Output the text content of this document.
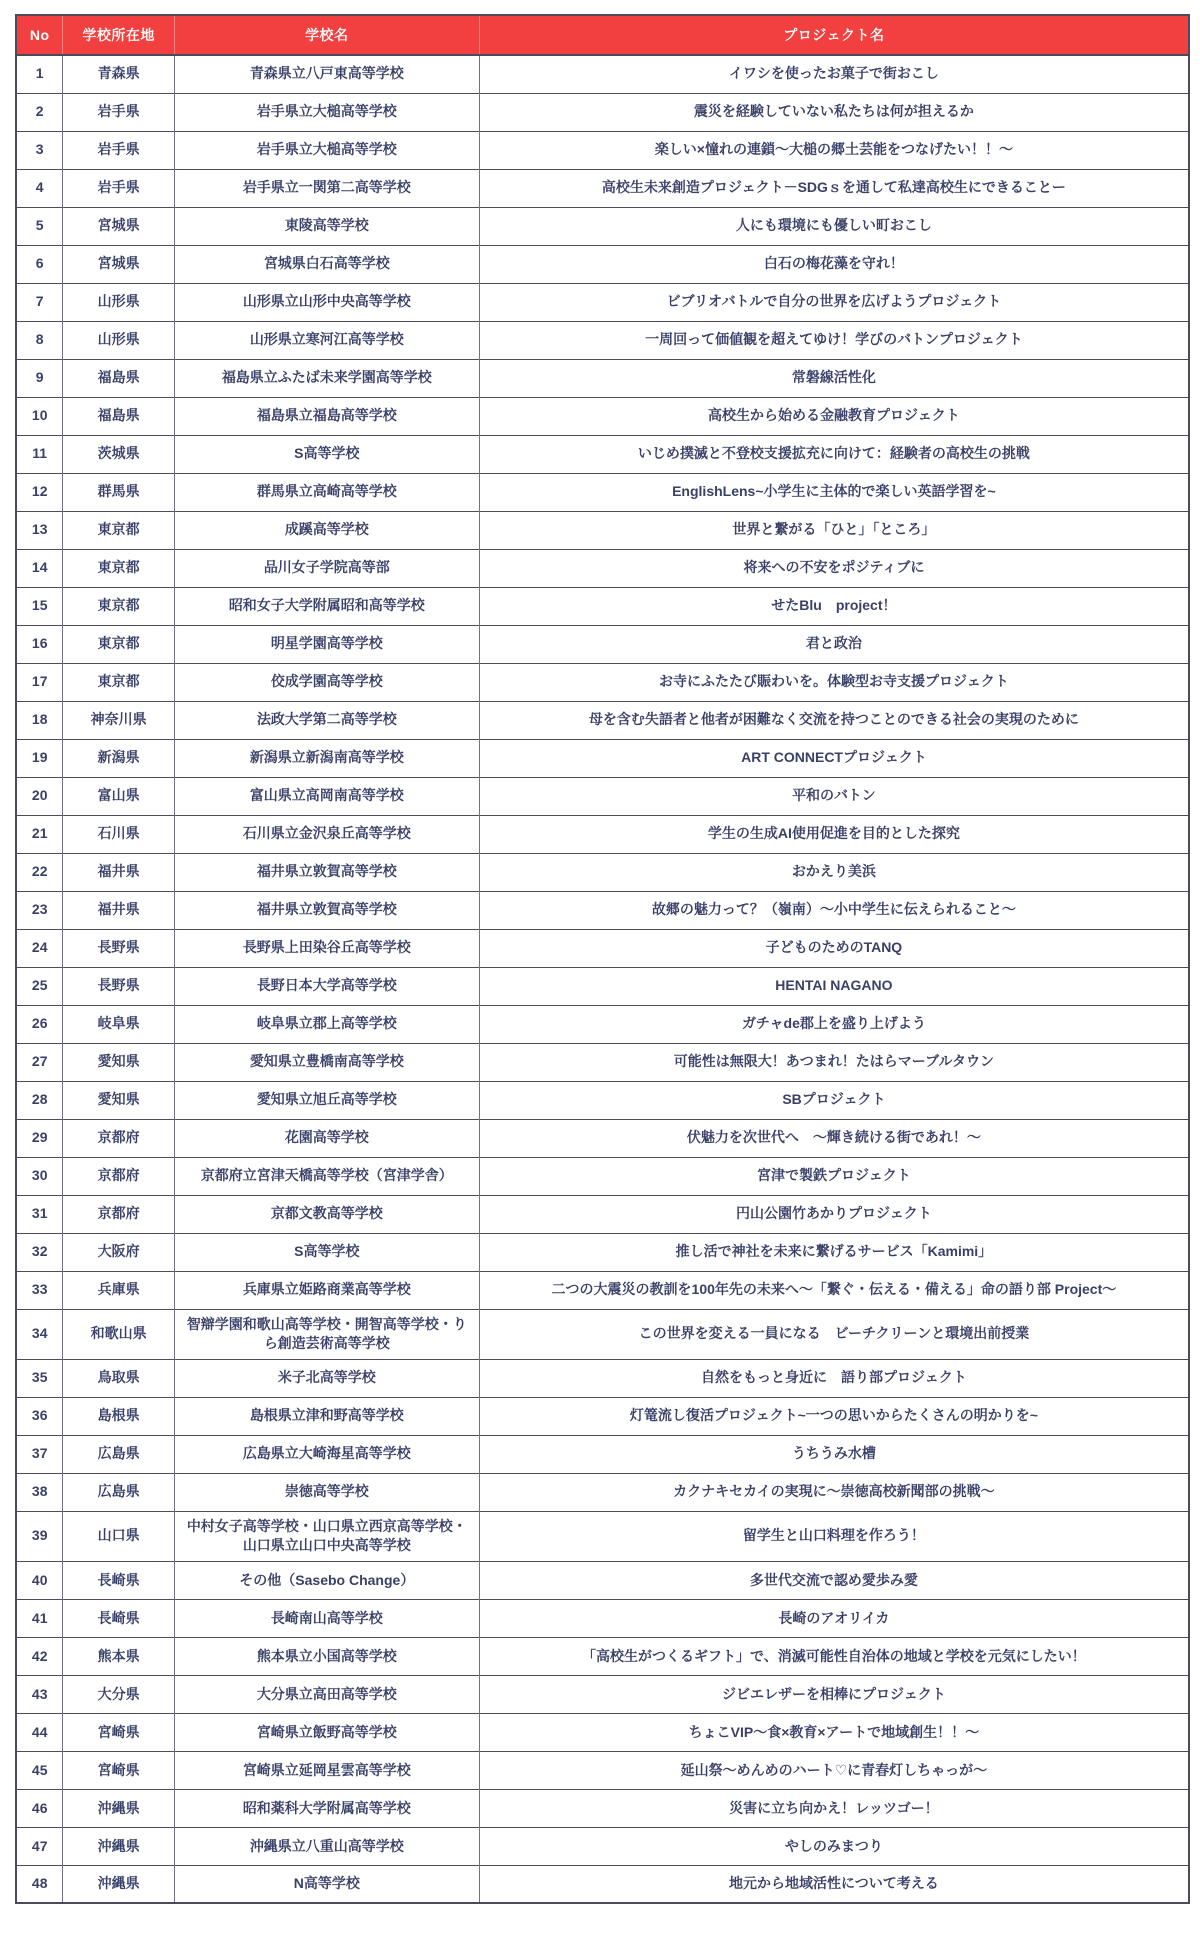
No	学校所在地	学校名	プロジェクト名
1	青森県	青森県立八戸東高等学校	イワシを使ったお菓子で街おこし
2	岩手県	岩手県立大槌高等学校	震災を経験していない私たちは何が担えるか
3	岩手県	岩手県立大槌高等学校	楽しい×憧れの連鎖～大槌の郷土芸能をつなげたい！！～
4	岩手県	岩手県立一関第二高等学校	高校生未来創造プロジェクト－SDGｓを通して私達高校生にできることー
5	宮城県	東陵高等学校	人にも環境にも優しい町おこし
6	宮城県	宮城県白石高等学校	白石の梅花藻を守れ！
7	山形県	山形県立山形中央高等学校	ビブリオバトルで自分の世界を広げようプロジェクト
8	山形県	山形県立寒河江高等学校	一周回って価値観を超えてゆけ！学びのバトンプロジェクト
9	福島県	福島県立ふたば未来学園高等学校	常磐線活性化
10	福島県	福島県立福島高等学校	高校生から始める金融教育プロジェクト
11	茨城県	S高等学校	いじめ撲滅と不登校支援拡充に向けて：経験者の高校生の挑戦
12	群馬県	群馬県立高崎高等学校	EnglishLens~小学生に主体的で楽しい英語学習を~
13	東京都	成蹊高等学校	世界と繋がる「ひと」「ところ」
14	東京都	品川女子学院高等部	将来への不安をポジティブに
15	東京都	昭和女子大学附属昭和高等学校	せたBlu　project！
16	東京都	明星学園高等学校	君と政治
17	東京都	佼成学園高等学校	お寺にふたたび賑わいを。体験型お寺支援プロジェクト
18	神奈川県	法政大学第二高等学校	母を含む失語者と他者が困難なく交流を持つことのできる社会の実現のために
19	新潟県	新潟県立新潟南高等学校	ART CONNECTプロジェクト
20	富山県	富山県立高岡南高等学校	平和のバトン
21	石川県	石川県立金沢泉丘高等学校	学生の生成AI使用促進を目的とした探究
22	福井県	福井県立敦賀高等学校	おかえり美浜
23	福井県	福井県立敦賀高等学校	故郷の魅力って？（嶺南）～小中学生に伝えられること～
24	長野県	長野県上田染谷丘高等学校	子どものためのTANQ
25	長野県	長野日本大学高等学校	HENTAI NAGANO
26	岐阜県	岐阜県立郡上高等学校	ガチャde郡上を盛り上げよう
27	愛知県	愛知県立豊橋南高等学校	可能性は無限大！あつまれ！たはらマーブルタウン
28	愛知県	愛知県立旭丘高等学校	SBプロジェクト
29	京都府	花園高等学校	伏魅力を次世代へ　～輝き続ける街であれ！～
30	京都府	京都府立宮津天橋高等学校（宮津学舎）	宮津で製鉄プロジェクト
31	京都府	京都文教高等学校	円山公園竹あかりプロジェクト
32	大阪府	S高等学校	推し活で神社を未来に繋げるサービス「Kamimi」
33	兵庫県	兵庫県立姫路商業高等学校	二つの大震災の教訓を100年先の未来へ～「繋ぐ・伝える・備える」命の語り部 Project～
34	和歌山県	智辯学園和歌山高等学校・開智高等学校・りら創造芸術高等学校	この世界を変える一員になる　ビーチクリーンと環境出前授業
35	鳥取県	米子北高等学校	自然をもっと身近に　語り部プロジェクト
36	島根県	島根県立津和野高等学校	灯篭流し復活プロジェクト~一つの思いからたくさんの明かりを~
37	広島県	広島県立大崎海星高等学校	うちうみ水槽
38	広島県	崇徳高等学校	カクナキセカイの実現に～崇徳高校新聞部の挑戦～
39	山口県	中村女子高等学校・山口県立西京高等学校・山口県立山口中央高等学校	留学生と山口料理を作ろう！
40	長崎県	その他（Sasebo Change）	多世代交流で認め愛歩み愛
41	長崎県	長崎南山高等学校	長崎のアオリイカ
42	熊本県	熊本県立小国高等学校	「高校生がつくるギフト」で、消滅可能性自治体の地域と学校を元気にしたい！
43	大分県	大分県立高田高等学校	ジビエレザーを相棒にプロジェクト
44	宮崎県	宮崎県立飯野高等学校	ちょこVIP～食×教育×アートで地域創生！！～
45	宮崎県	宮崎県立延岡星雲高等学校	延山祭～めんめのハート♡に青春灯しちゃっが～
46	沖縄県	昭和薬科大学附属高等学校	災害に立ち向かえ！レッツゴー！
47	沖縄県	沖縄県立八重山高等学校	やしのみまつり
48	沖縄県	N高等学校	地元から地域活性について考える
